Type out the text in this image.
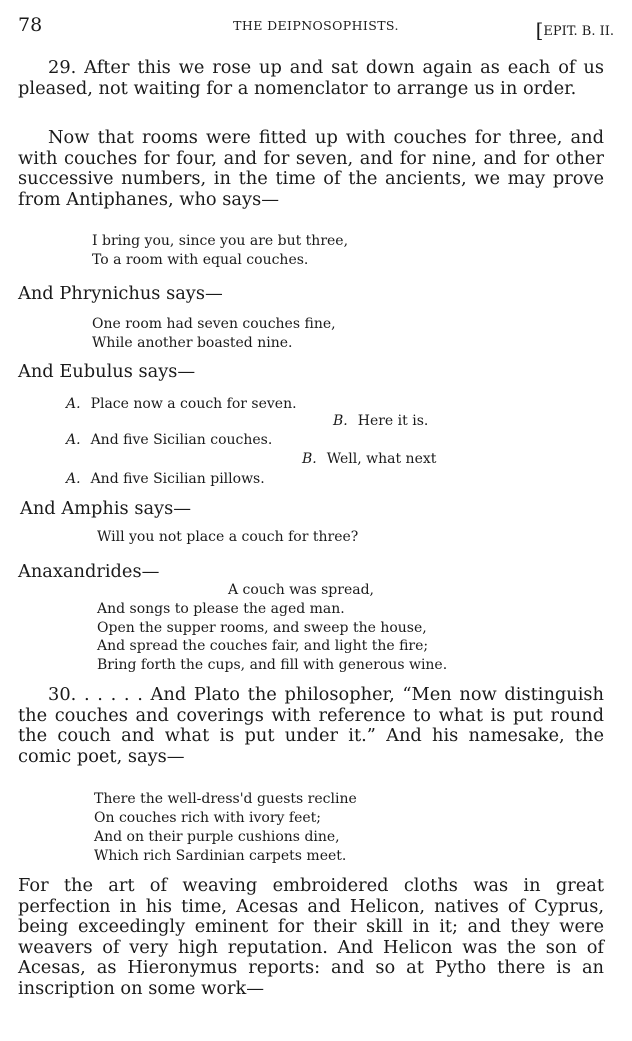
78	THE DEIPNOSOPHISTS.	[EPIT. B. II.

29. After this we rose up and sat down again as each of us pleased, not waiting for a nomenclator to arrange us in order.

Now that rooms were fitted up with couches for three, and with couches for four, and for seven, and for nine, and for other successive numbers, in the time of the ancients, we may prove from Antiphanes, who says—

I bring you, since you are but three,

To a room with equal couches.

And Phrynichus says—

One room had seven couches fine,

While another boasted nine.

And Eubulus says—

A. Place now a couch for seven.

B. Here it is.

A. And five Sicilian couches.

B. Well, what next

A. And five Sicilian pillows.

And Amphis says—

Will you not place a couch for three?

Anaxandrides—

A couch was spread,

And songs to please the aged man.

Open the supper rooms, and sweep the house,

And spread the couches fair, and light the fire;

Bring forth the cups, and fill with generous wine.

30. . . . . . And Plato the philosopher, “Men now distinguish the couches and coverings with reference to what is put round the couch and what is put under it.” And his namesake, the comic poet, says—

There the well-dress'd guests recline

On couches rich with ivory feet;

And on their purple cushions dine,

Which rich Sardinian carpets meet.

For the art of weaving embroidered cloths was in great perfection in his time, Acesas and Helicon, natives of Cyprus, being exceedingly eminent for their skill in it; and they were weavers of very high reputation. And Helicon was the son of Acesas, as Hieronymus reports: and so at Pytho there is an inscription on some work—
